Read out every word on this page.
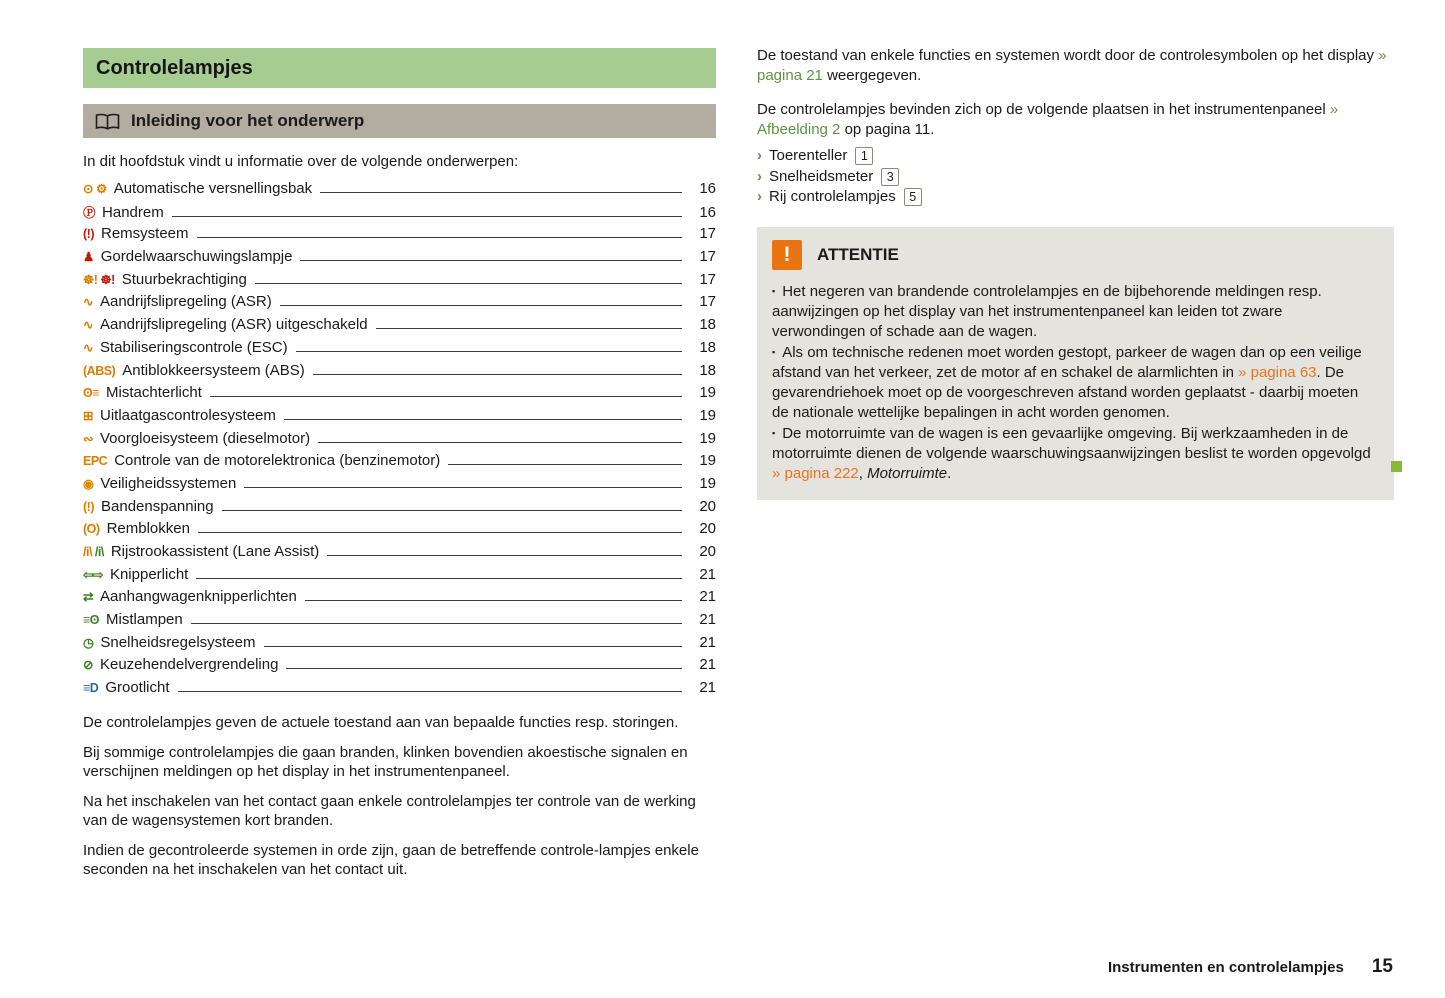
Controlelampjes
Inleiding voor het onderwerp

In dit hoofdstuk vindt u informatie over de volgende onderwerpen:

⊙ ⚙ Automatische versnellingsbak	16
Ⓟ Handrem	16
(!) Remsysteem	17
♟ Gordelwaarschuwingslampje	17
☸! ☸! Stuurbekrachtiging	17
∿ Aandrijfslipregeling (ASR)	17
∿ Aandrijfslipregeling (ASR) uitgeschakeld	18
∿ Stabiliseringscontrole (ESC)	18
(ABS) Antiblokkeersysteem (ABS)	18
ʘ≡ Mistachterlicht	19
⊞ Uitlaatgascontrolesysteem	19
∾ Voorgloeisysteem (dieselmotor)	19
EPC Controle van de motorelektronica (benzinemotor)	19
◉ Veiligheidssystemen	19
(!) Bandenspanning	20
(O) Remblokken	20
/i\ /i\ Rijstrookassistent (Lane Assist)	20
⇦⇨ Knipperlicht	21
⇄ Aanhangwagenknipperlichten	21
≡ʘ Mistlampen	21
◷ Snelheidsregelsysteem	21
⊘ Keuzehendelvergrendeling	21
≡D Grootlicht	21

De controlelampjes geven de actuele toestand aan van bepaalde functies resp. storingen.

Bij sommige controlelampjes die gaan branden, klinken bovendien akoestische signalen en verschijnen meldingen op het display in het instrumentenpaneel.

Na het inschakelen van het contact gaan enkele controlelampjes ter controle van de werking van de wagensystemen kort branden.

Indien de gecontroleerde systemen in orde zijn, gaan de betreffende controle-lampjes enkele seconden na het inschakelen van het contact uit.

De toestand van enkele functies en systemen wordt door de controlesymbolen op het display » pagina 21 weergegeven.

De controlelampjes bevinden zich op de volgende plaatsen in het instrumentenpaneel » Afbeelding 2 op pagina 11.

› Toerenteller	1
› Snelheidsmeter	3
› Rij controlelampjes	5
!	ATTENTIE

▪ Het negeren van brandende controlelampjes en de bijbehorende meldingen resp. aanwijzingen op het display van het instrumentenpaneel kan leiden tot zware verwondingen of schade aan de wagen.

▪ Als om technische redenen moet worden gestopt, parkeer de wagen dan op een veilige afstand van het verkeer, zet de motor af en schakel de alarmlichten in » pagina 63. De gevarendriehoek moet op de voorgeschreven afstand worden geplaatst - daarbij moeten de nationale wettelijke bepalingen in acht worden genomen.

▪ De motorruimte van de wagen is een gevaarlijke omgeving. Bij werkzaamheden in de motorruimte dienen de volgende waarschuwingsaanwijzingen beslist te worden opgevolgd » pagina 222, Motorruimte.

Instrumenten en controlelampjes 15
